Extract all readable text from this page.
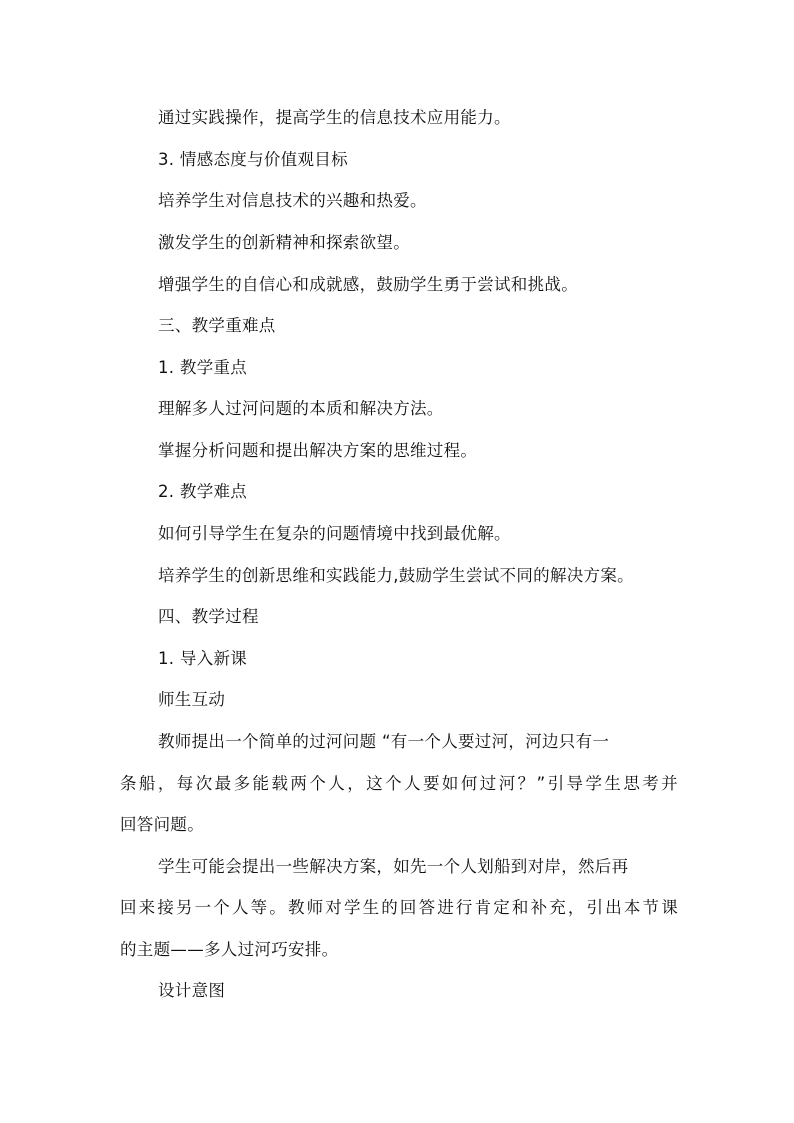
通过实践操作，提高学生的信息技术应用能力。
3. 情感态度与价值观目标
培养学生对信息技术的兴趣和热爱。
激发学生的创新精神和探索欲望。
增强学生的自信心和成就感，鼓励学生勇于尝试和挑战。
三、教学重难点
1. 教学重点
理解多人过河问题的本质和解决方法。
掌握分析问题和提出解决方案的思维过程。
2. 教学难点
如何引导学生在复杂的问题情境中找到最优解。
培养学生的创新思维和实践能力,鼓励学生尝试不同的解决方案。
四、教学过程
1. 导入新课
师生互动
教师提出一个简单的过河问题 “有一个人要过河，河边只有一
条船，每次最多能载两个人，这个人要如何过河？”引导学生思考并
回答问题。
学生可能会提出一些解决方案，如先一个人划船到对岸，然后再
回来接另一个人等。教师对学生的回答进行肯定和补充，引出本节课
的主题——多人过河巧安排。
设计意图
